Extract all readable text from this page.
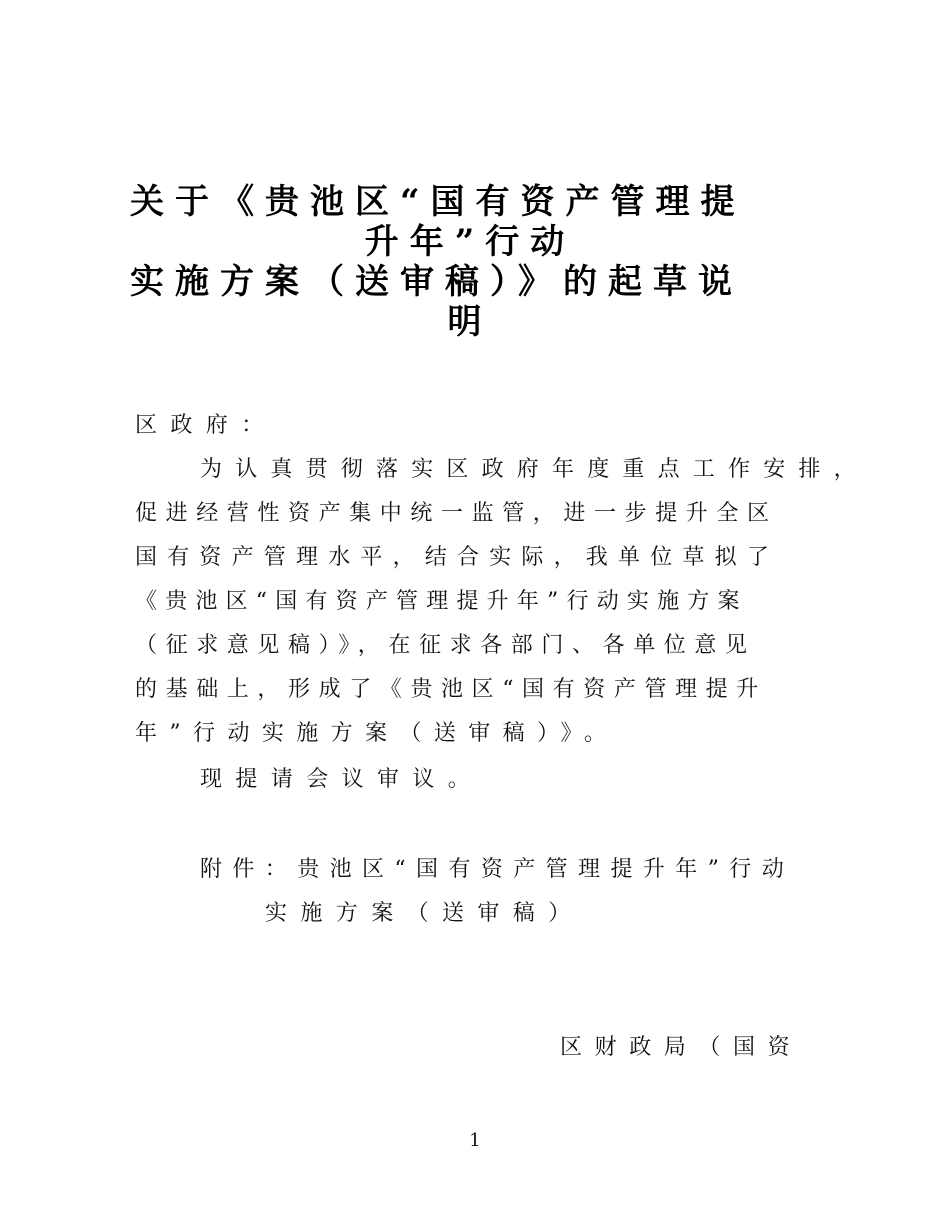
关于《贵池区“国有资产管理提
升年”行动
实施方案（送审稿）》的起草说
明
区政府：
为认真贯彻落实区政府年度重点工作安排，
促进经营性资产集中统一监管，进一步提升全区
国有资产管理水平，结合实际，我单位草拟了
《贵池区“国有资产管理提升年”行动实施方案
（征求意见稿）》，在征求各部门、各单位意见
的基础上，形成了《贵池区“国有资产管理提升
年”行动实施方案（送审稿）》。
现提请会议审议。
附件：贵池区“国有资产管理提升年”行动
实施方案（送审稿）
区财政局（国资
1
